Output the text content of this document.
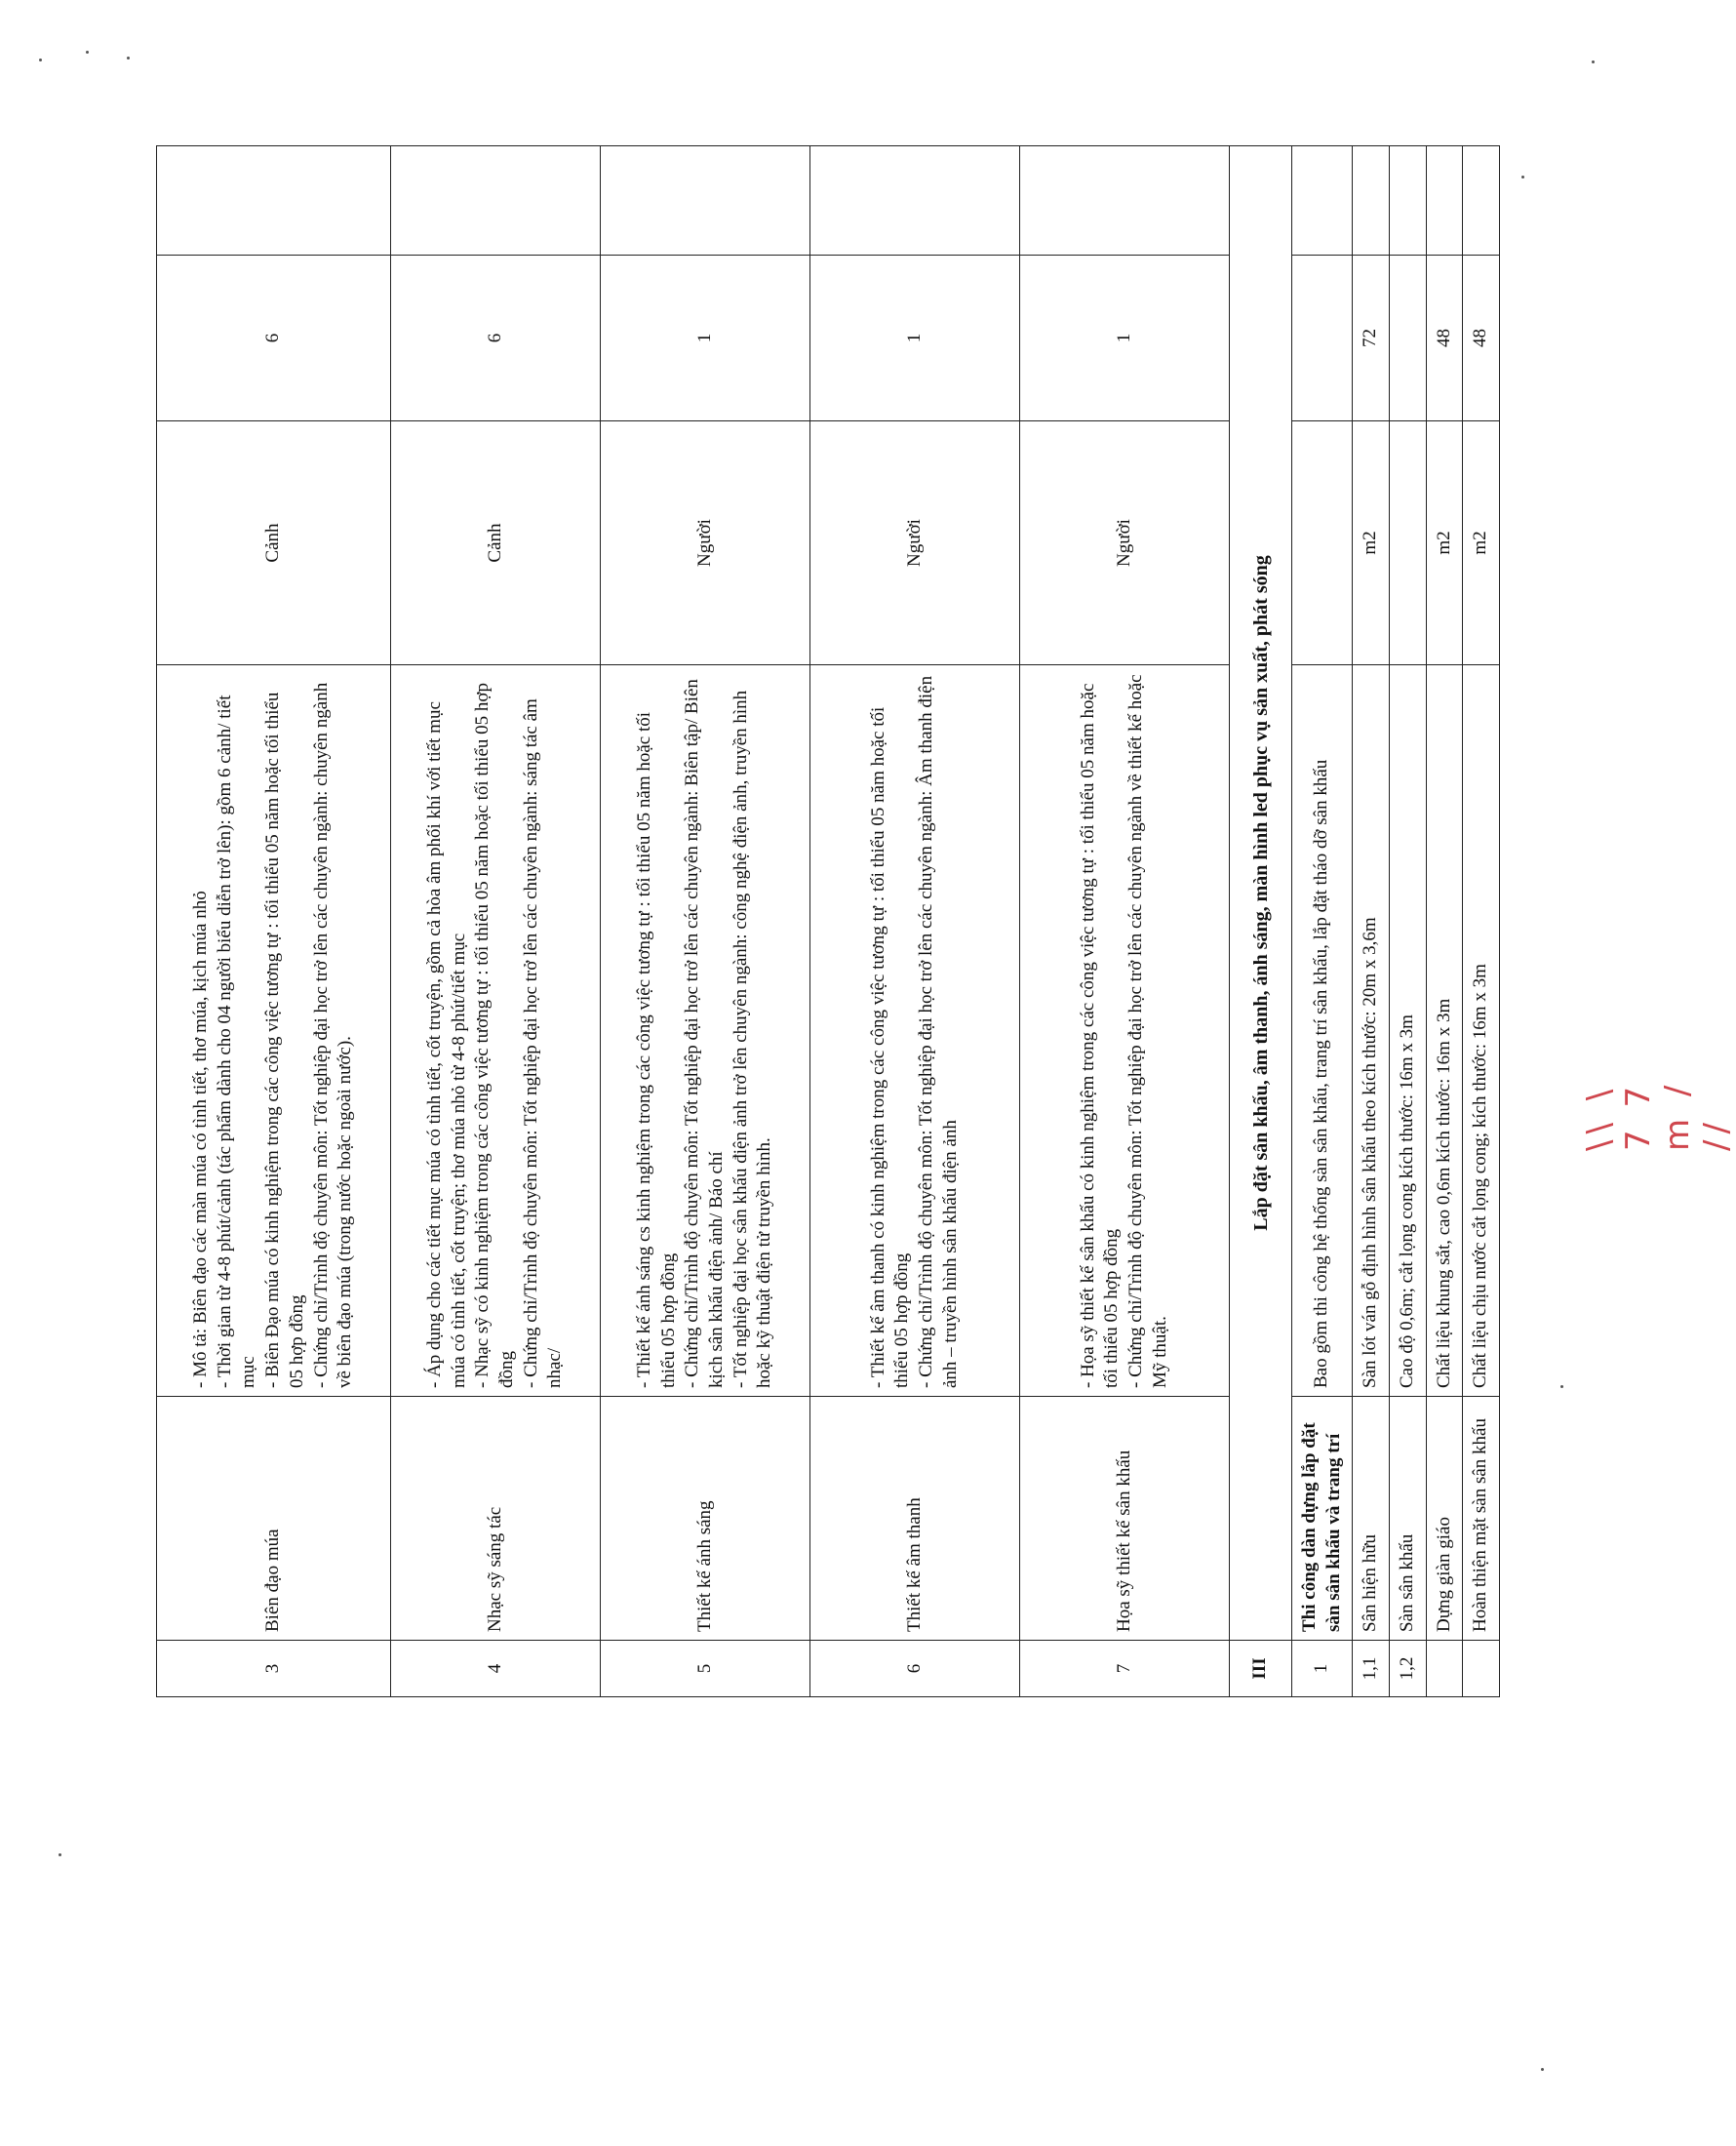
3	Biên đạo múa	- Mô tả: Biên đạo các màn múa có tình tiết, thơ múa, kịch múa nhỏ - Thời gian từ 4-8 phút/cảnh (tác phẩm dành cho 04 người biểu diễn trở lên): gồm 6 cảnh/ tiết mục - Biên Đạo múa có kinh nghiệm trong các công việc tương tự : tối thiểu 05 năm hoặc tối thiểu 05 hợp đồng - Chứng chỉ/Trình độ chuyên môn: Tốt nghiệp đại học trở lên các chuyên ngành: chuyên ngành về biên đạo múa (trong nước hoặc ngoài nước).	Cảnh	6	
4	Nhạc sỹ sáng tác	- Áp dụng cho các tiết mục múa có tình tiết, cốt truyện, gồm cả hòa âm phối khí với tiết mục múa có tình tiết, cốt truyện; thơ múa nhỏ từ 4-8 phút/tiết mục - Nhạc sỹ có kinh nghiệm trong các công việc tương tự : tối thiểu 05 năm hoặc tối thiểu 05 hợp đồng - Chứng chỉ/Trình độ chuyên môn: Tốt nghiệp đại học trở lên các chuyên ngành: sáng tác âm nhạc/	Cảnh	6	
5	Thiết kế ánh sáng	- Thiết kế ánh sáng cs kinh nghiệm trong các công việc tương tự : tối thiểu 05 năm hoặc tối thiểu 05 hợp đồng - Chứng chỉ/Trình độ chuyên môn: Tốt nghiệp đại học trở lên các chuyên ngành: Biên tập/ Biên kịch sân khấu điện ảnh/ Báo chí - Tốt nghiệp đại học sân khấu điện ảnh trở lên chuyên ngành: công nghệ điện ảnh, truyền hình hoặc kỹ thuật điện tử truyền hình.	Người	1	
6	Thiết kế âm thanh	- Thiết kế âm thanh có kinh nghiệm trong các công việc tương tự : tối thiểu 05 năm hoặc tối thiểu 05 hợp đồng - Chứng chỉ/Trình độ chuyên môn: Tốt nghiệp đại học trở lên các chuyên ngành: Âm thanh điện ảnh – truyền hình sân khấu điện ảnh	Người	1	
7	Họa sỹ thiết kế sân khấu	- Họa sỹ thiết kế sân khấu có kinh nghiệm trong các công việc tương tự : tối thiểu 05 năm hoặc tối thiểu 05 hợp đồng - Chứng chỉ/Trình độ chuyên môn: Tốt nghiệp đại học trở lên các chuyên ngành về thiết kế hoặc Mỹ thuật.	Người	1	
III	Lắp đặt sân khấu, âm thanh, ánh sáng, màn hình led phục vụ sản xuất, phát sóng				
1	Thi công dàn dựng lắp đặt sàn sân khấu và trang trí	Bao gồm thi công hệ thống sàn sân khấu, trang trí sân khấu, lắp đặt tháo dỡ sân khấu			
1,1	Sân hiện hữu	Sàn lót ván gỗ định hình sân khấu theo kích thước: 20m x 3,6m	m2	72	
1,2	Sàn sân khấu	Cao độ 0,6m; cắt lọng cong kích thước: 16m x 3m			
	Dựng giàn giáo	Chất liệu khung sắt, cao 0,6m kích thước: 16m x 3m	m2	48	
	Hoàn thiện mặt sàn sân khấu	Chất liệu chịu nước cắt lọng cong; kích thước: 16m x 3m	m2	48	
\\ \ 7 7 m / //
